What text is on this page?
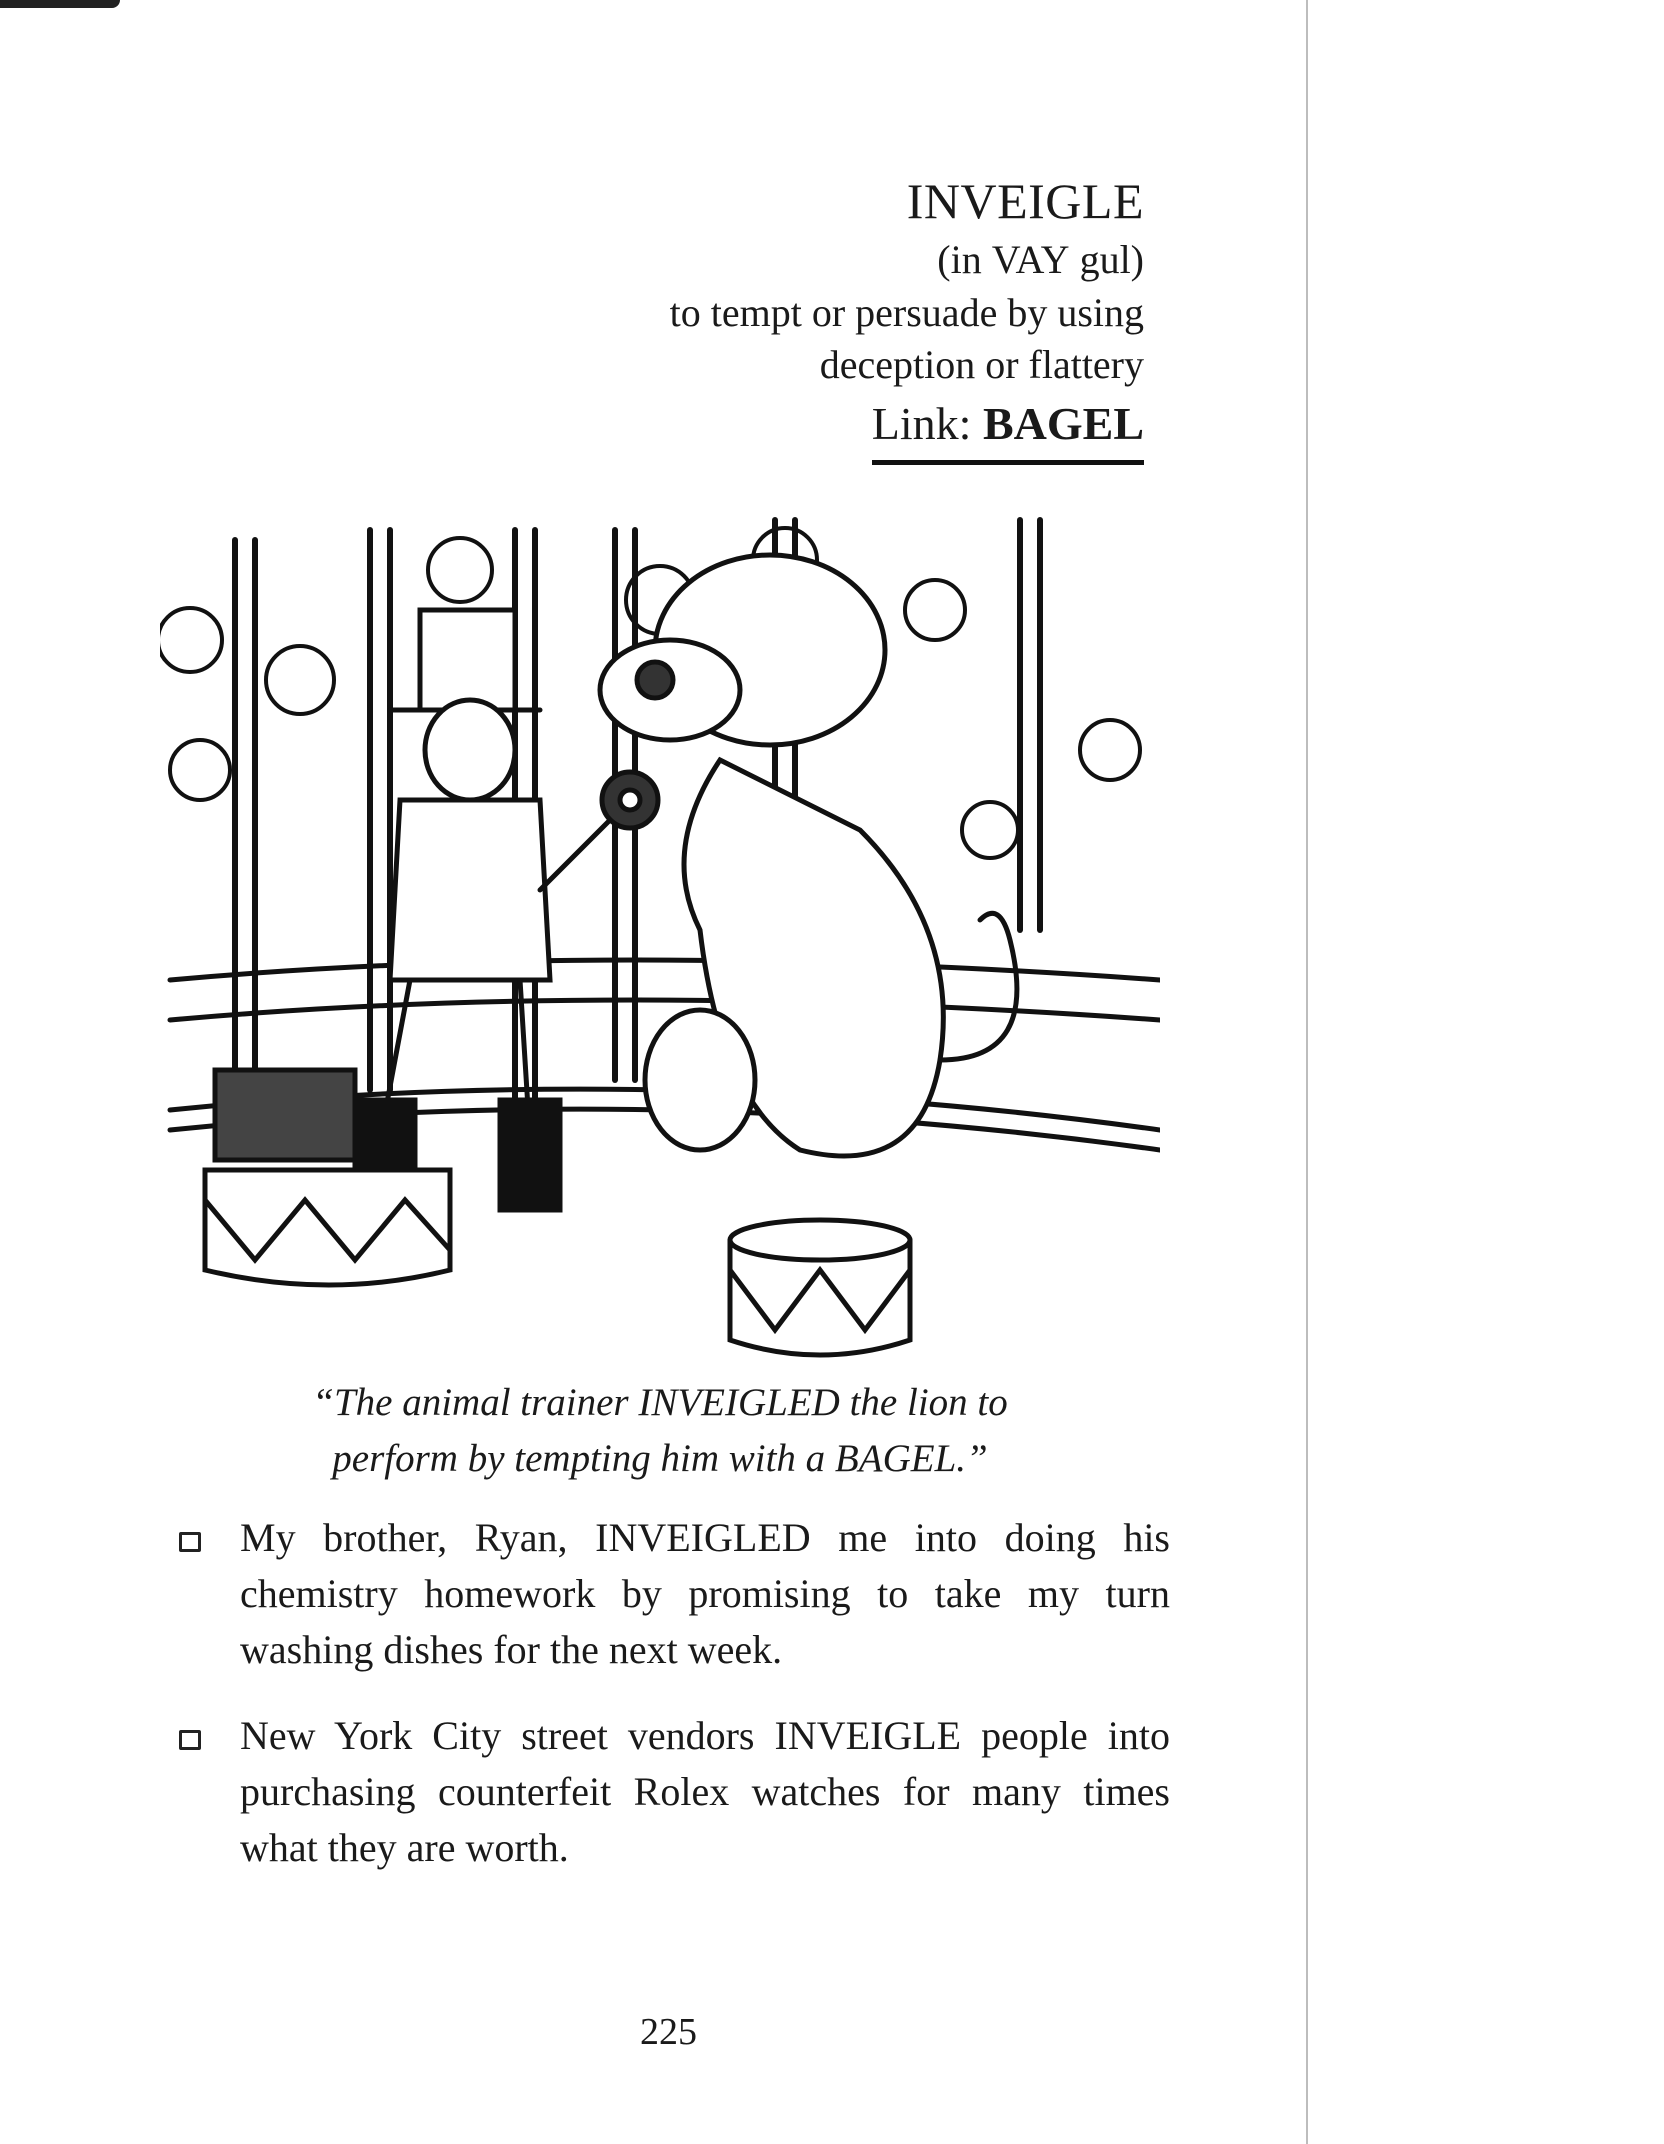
INVEIGLE
(in VAY gul)

to tempt or persuade by using
deception or flattery

Link: BAGEL
“The animal trainer INVEIGLED the lion to
perform by tempting him with a BAGEL.”
My brother, Ryan, INVEIGLED me into doing his chemistry homework by promising to take my turn washing dishes for the next week.
New York City street vendors INVEIGLE people into purchasing counterfeit Rolex watches for many times what they are worth.
225
